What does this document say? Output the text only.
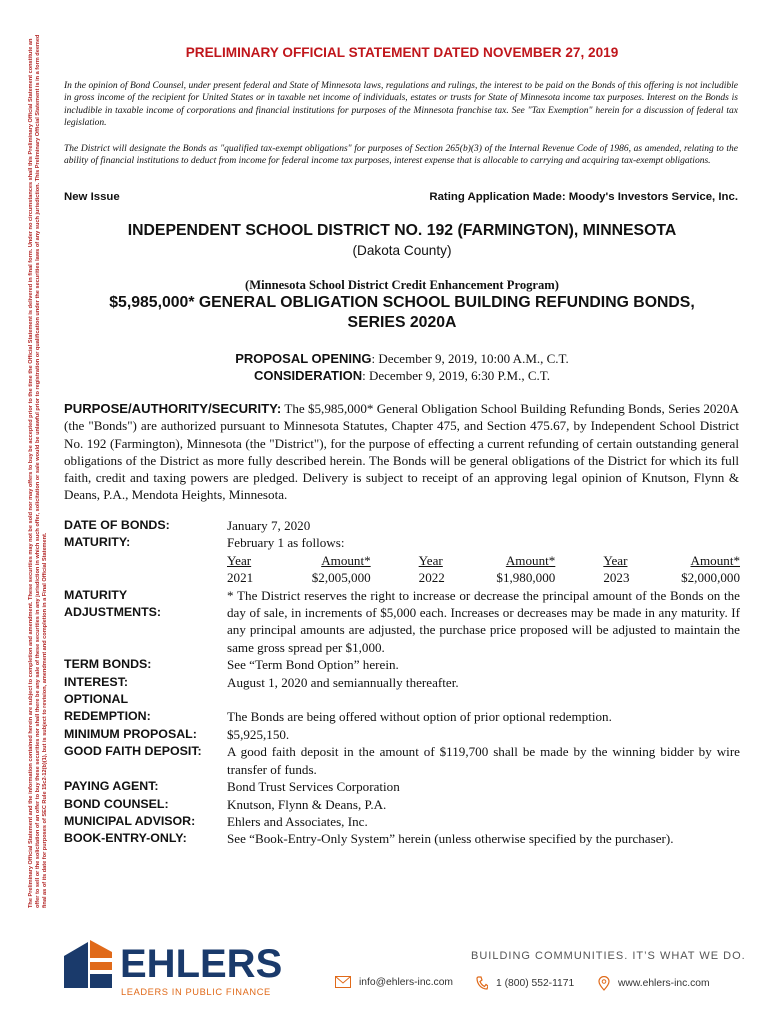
The Preliminary Official Statement and the information contained herein are subject to completion and amendment. These securities may not be sold nor may offers to buy be accepted prior to the time the Official Statement is delivered in final form. Under no circumstances shall this Preliminary Official Statement constitute an offer to sell or the solicitation of an offer to buy these securities nor shall there be any sale of these securities in any jurisdiction in which such offer, solicitation or sale would be unlawful prior to registration or qualification under the securities laws of any such jurisdiction. This Preliminary Official Statement is in a form deemed final as of its date for purposes of SEC Rule 15c2-12(b)(1), but is subject to revision, amendment and completion in a Final Official Statement.
PRELIMINARY OFFICIAL STATEMENT DATED NOVEMBER 27, 2019
In the opinion of Bond Counsel, under present federal and State of Minnesota laws, regulations and rulings, the interest to be paid on the Bonds of this offering is not includible in gross income of the recipient for United States or in taxable net income of individuals, estates or trusts for State of Minnesota income tax purposes. Interest on the Bonds is includible in taxable income of corporations and financial institutions for purposes of the Minnesota franchise tax. See "Tax Exemption" herein for a discussion of federal tax legislation.
The District will designate the Bonds as "qualified tax-exempt obligations" for purposes of Section 265(b)(3) of the Internal Revenue Code of 1986, as amended, relating to the ability of financial institutions to deduct from income for federal income tax purposes, interest expense that is allocable to carrying and acquiring tax-exempt obligations.
New Issue	Rating Application Made: Moody's Investors Service, Inc.
INDEPENDENT SCHOOL DISTRICT NO. 192 (FARMINGTON), MINNESOTA
(Dakota County)
(Minnesota School District Credit Enhancement Program)
$5,985,000* GENERAL OBLIGATION SCHOOL BUILDING REFUNDING BONDS,
SERIES 2020A
PROPOSAL OPENING: December 9, 2019, 10:00 A.M., C.T.
CONSIDERATION: December 9, 2019, 6:30 P.M., C.T.
PURPOSE/AUTHORITY/SECURITY: The $5,985,000* General Obligation School Building Refunding Bonds, Series 2020A (the "Bonds") are authorized pursuant to Minnesota Statutes, Chapter 475, and Section 475.67, by Independent School District No. 192 (Farmington), Minnesota (the "District"), for the purpose of effecting a current refunding of certain outstanding general obligations of the District as more fully described herein. The Bonds will be general obligations of the District for which its full faith, credit and taxing powers are pledged. Delivery is subject to receipt of an approving legal opinion of Knutson, Flynn & Deans, P.A., Mendota Heights, Minnesota.
DATE OF BONDS:	January 7, 2020
MATURITY:	February 1 as follows:
Year	Amount*	Year	Amount*	Year	Amount*
2021	$2,005,000	2022	$1,980,000	2023	$2,000,000
MATURITY
ADJUSTMENTS:
* The District reserves the right to increase or decrease the principal amount of the Bonds on the day of sale, in increments of $5,000 each. Increases or decreases may be made in any maturity. If any principal amounts are adjusted, the purchase price proposed will be adjusted to maintain the same gross spread per $1,000.
TERM BONDS:	See “Term Bond Option” herein.
INTEREST:	August 1, 2020 and semiannually thereafter.
OPTIONAL
REDEMPTION:
	The Bonds are being offered without option of prior optional redemption.
MINIMUM PROPOSAL:	$5,925,150.
GOOD FAITH DEPOSIT:	A good faith deposit in the amount of $119,700 shall be made by the winning bidder by wire transfer of funds.
PAYING AGENT:	Bond Trust Services Corporation
BOND COUNSEL:	Knutson, Flynn & Deans, P.A.
MUNICIPAL ADVISOR:	Ehlers and Associates, Inc.
BOOK-ENTRY-ONLY:	See “Book-Entry-Only System” herein (unless otherwise specified by the purchaser).
EHLERS
LEADERS IN PUBLIC FINANCE
BUILDING COMMUNITIES. IT’S WHAT WE DO.
info@ehlers-inc.com	1 (800) 552-1171	www.ehlers-inc.com
